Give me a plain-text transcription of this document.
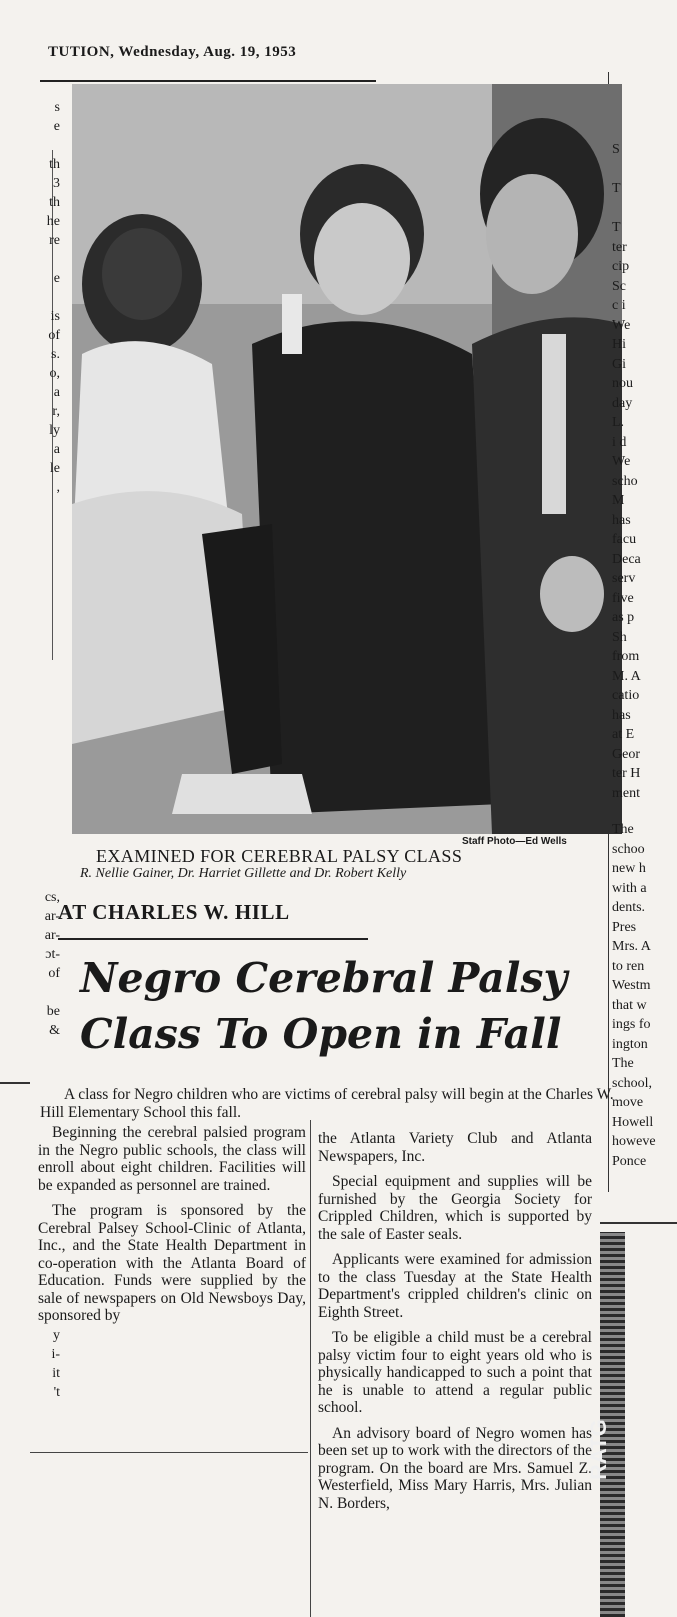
TUTION, Wednesday, Aug. 19, 1953
Staff Photo—Ed Wells
EXAMINED FOR CEREBRAL PALSY CLASS
R. Nellie Gainer, Dr. Harriet Gillette and Dr. Robert Kelly
AT CHARLES W. HILL
Negro Cerebral Palsy
Class To Open in Fall
A class for Negro children who are victims of cerebral palsy will begin at the Charles W. Hill Elementary School this fall.

Beginning the cerebral palsied program in the Negro public schools, the class will enroll about eight children. Facilities will be expanded as personnel are trained.

The program is sponsored by the Cerebral Palsey School-Clinic of Atlanta, Inc., and the State Health Department in co-operation with the Atlanta Board of Education. Funds were supplied by the sale of newspapers on Old Newsboys Day, sponsored by

the Atlanta Variety Club and Atlanta Newspapers, Inc.

Special equipment and supplies will be furnished by the Georgia Society for Crippled Children, which is supported by the sale of Easter seals.

Applicants were examined for admission to the class Tuesday at the State Health Department's crippled children's clinic on Eighth Street.

To be eligible a child must be a cerebral palsy victim four to eight years old who is physically handicapped to such a point that he is unable to attend a regular public school.

An advisory board of Negro women has been set up to work with the directors of the program. On the board are Mrs. Samuel Z. Westerfield, Miss Mary Harris, Mrs. Julian N. Borders,

s
e

th
3
th
he
re

e

is
of
s.
o,
a
r,
ly
a
le
,
cs,
ar-
ar-
ɔt-
of

be
&
y
i-
it
't
S

T

T
ter
cip
Sc
c i
We
Hi
Gi
nou
day
L.
i d
We
scho
M
has
facu
Deca
serv
five
as p
Sh
from
M. A
catio
has
at E
Geor
ter H
ment
The
schoo
new h
with a
dents.
Pres
Mrs. A
to ren
Westm
that w
ings fo
ington
The
school,
move
Howell
howeve
Ponce
RATG
